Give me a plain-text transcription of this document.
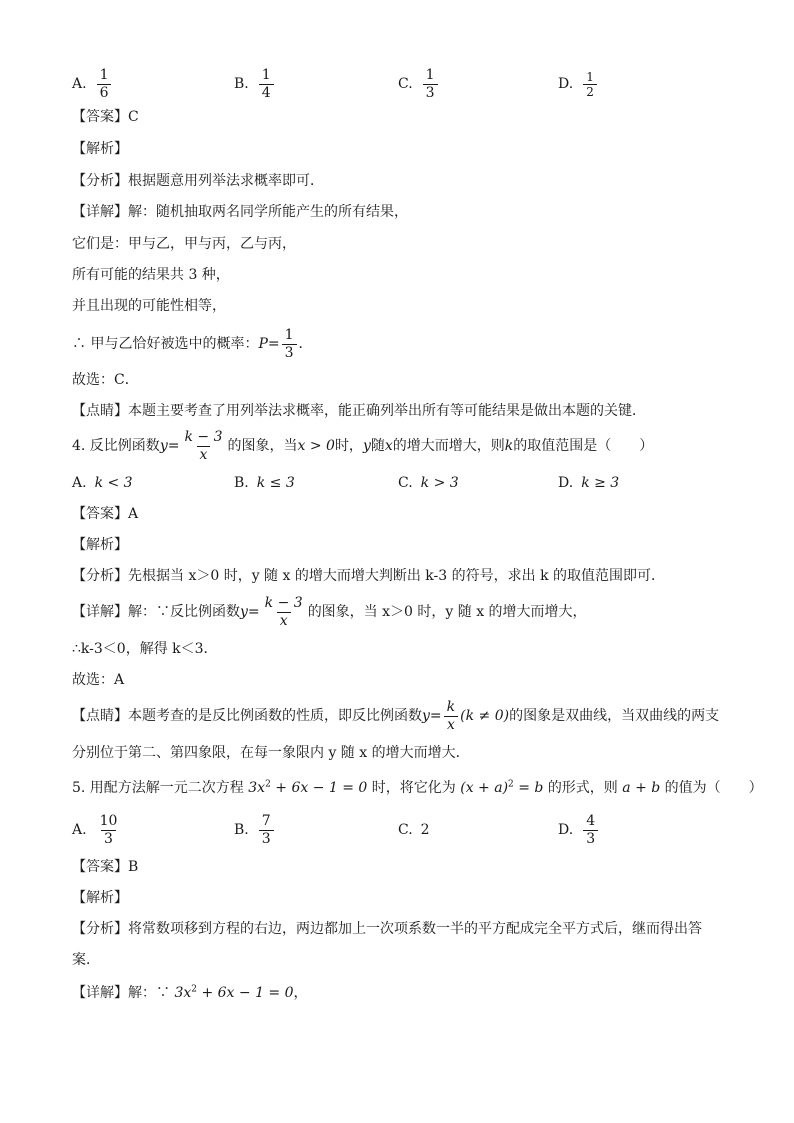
A. $\frac{1}{6}$	B. $\frac{1}{4}$	C. $\frac{1}{3}$	D. $\frac{1}{2}$
【答案】C
【解析】
【分析】根据题意用列举法求概率即可．
【详解】解：随机抽取两名同学所能产生的所有结果，
它们是：甲与乙，甲与丙，乙与丙，
所有可能的结果共 3 种，
并且出现的可能性相等，
∴ 甲与乙恰好被选中的概率： $P = \frac{1}{3}$ ．
故选：C．
【点睛】本题主要考查了用列举法求概率，能正确列举出所有等可能结果是做出本题的关键．
4. 反比例函数 $y = \frac{k - 3}{x}$ 的图象，当 x > 0 时， y 随 x 的增大而增大，则 k 的取值范围是（　　）
A. k < 3	B. k ≤ 3	C. k > 3	D. k ≥ 3
【答案】A
【解析】
【分析】先根据当 x＞0 时，y 随 x 的增大而增大判断出 k-3 的符号，求出 k 的取值范围即可．
【详解】 解：∵反比例函数 $y = \frac{k - 3}{x}$ 的图象，当 x＞0 时，y 随 x 的增大而增大，
∴k-3＜0，解得 k＜3．
故选：A
【点睛】 本题考查的是反比例函数的性质，即反比例函数 $y = \frac{k}{x} (k \ne 0)$ 的图象是双曲线，当双曲线的两支
分别位于第二、第四象限，在每一象限内 y 随 x 的增大而增大．
5. 用配方法解一元二次方程 $3x^2 + 6x - 1 = 0$ 时，将它化为 $(x + a)^2 = b$ 的形式，则 a + b 的值为（　　）
A. $\frac{10}{3}$	B. $\frac{7}{3}$	C. 2	D. $\frac{4}{3}$
【答案】B
【解析】
【分析】将常数项移到方程的右边，两边都加上一次项系数一半的平方配成完全平方式后，继而得出答
案．
【详解】解：∵ $3x^2 + 6x - 1 = 0$，
